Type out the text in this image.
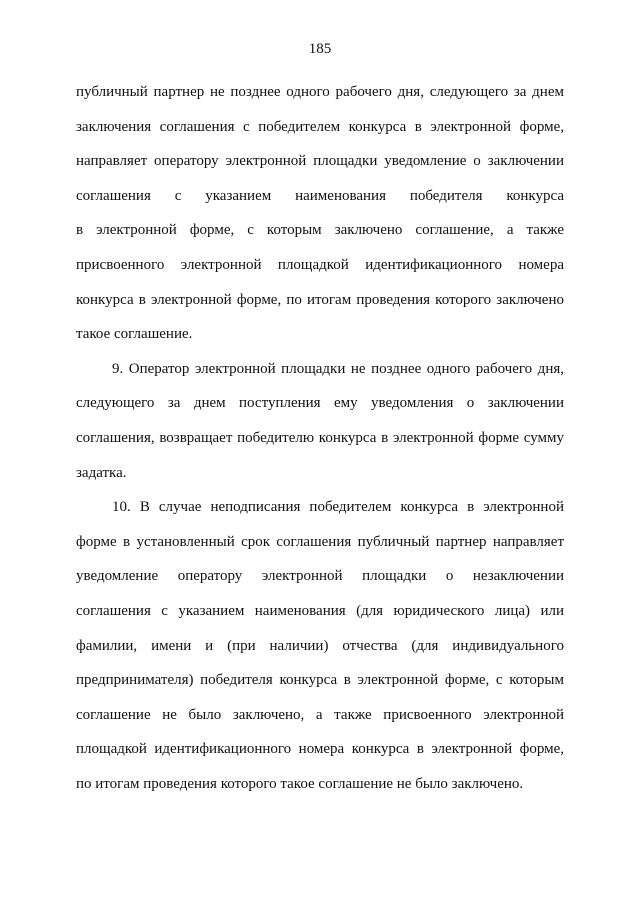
185
публичный партнер не позднее одного рабочего дня, следующего за днем
заключения соглашения с победителем конкурса в электронной форме,
направляет оператору электронной площадки уведомление о заключении
соглашения с указанием наименования победителя конкурса
в электронной форме, с которым заключено соглашение, а также
присвоенного электронной площадкой идентификационного номера
конкурса в электронной форме, по итогам проведения которого заключено
такое соглашение.
9. Оператор электронной площадки не позднее одного рабочего дня,
следующего за днем поступления ему уведомления о заключении
соглашения, возвращает победителю конкурса в электронной форме сумму
задатка.
10. В случае неподписания победителем конкурса в электронной
форме в установленный срок соглашения публичный партнер направляет
уведомление оператору электронной площадки о незаключении
соглашения с указанием наименования (для юридического лица) или
фамилии, имени и (при наличии) отчества (для индивидуального
предпринимателя) победителя конкурса в электронной форме, с которым
соглашение не было заключено, а также присвоенного электронной
площадкой идентификационного номера конкурса в электронной форме,
по итогам проведения которого такое соглашение не было заключено.
